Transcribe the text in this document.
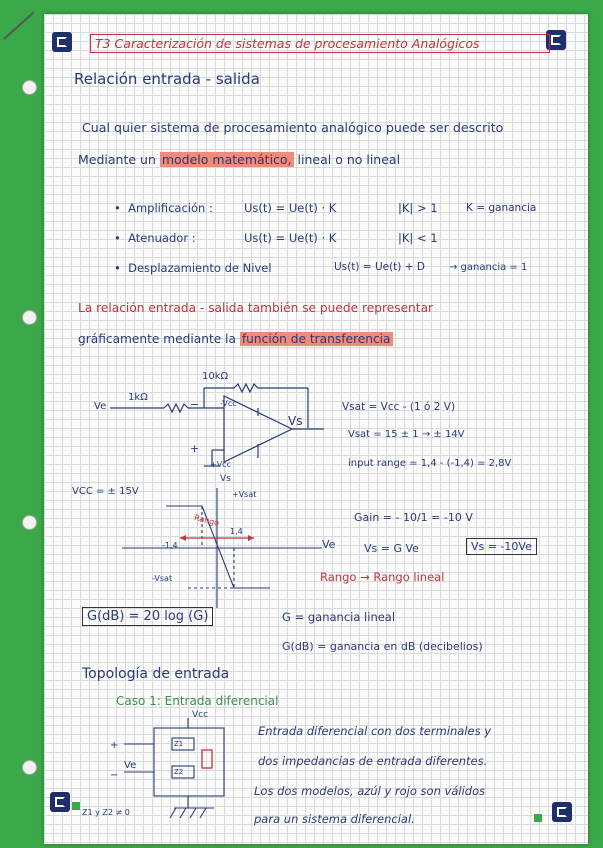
T3 Caracterización de sistemas de procesamiento Analógicos
Relación entrada - salida
Cual quier sistema de procesamiento analógico puede ser descrito
Mediante un modelo matemático, lineal o no lineal
•  Amplificación :	Us(t) = Ue(t) · K	|K| > 1	K = ganancia
•  Atenuador :	Us(t) = Ue(t) · K	|K| < 1
•  Desplazamiento de Nivel	Us(t) = Ue(t) + D → ganancia = 1
La relación entrada - salida también se puede representar
gráficamente mediante la función de transferencia
10kΩ
1kΩ
Ve
Vs
-Vcc
+Vcc
−
+
Vsat = Vcc - (1 ó 2 V)
Vsat = 15 ± 1 → ± 14V
input range = 1,4 - (-1,4) = 2,8V
Gain = - 10/1 = -10 V
VCC = ± 15V
Vs
+Vsat
-Vsat
-1,4
1,4
Rango
Ve	Vs = G Ve	Vs = -10Ve
Rango → Rango lineal
G(dB) = 20 log (G)	G = ganancia lineal
G(dB) = ganancia en dB (decibelios)
Topología de entrada
Caso 1: Entrada diferencial
Vcc
+
−
Ve
Z1
Z2
Z1 y Z2 ≠ 0
Entrada diferencial con dos terminales y
dos impedancias de entrada diferentes.
Los dos modelos, azúl y rojo son válidos
para un sistema diferencial.
